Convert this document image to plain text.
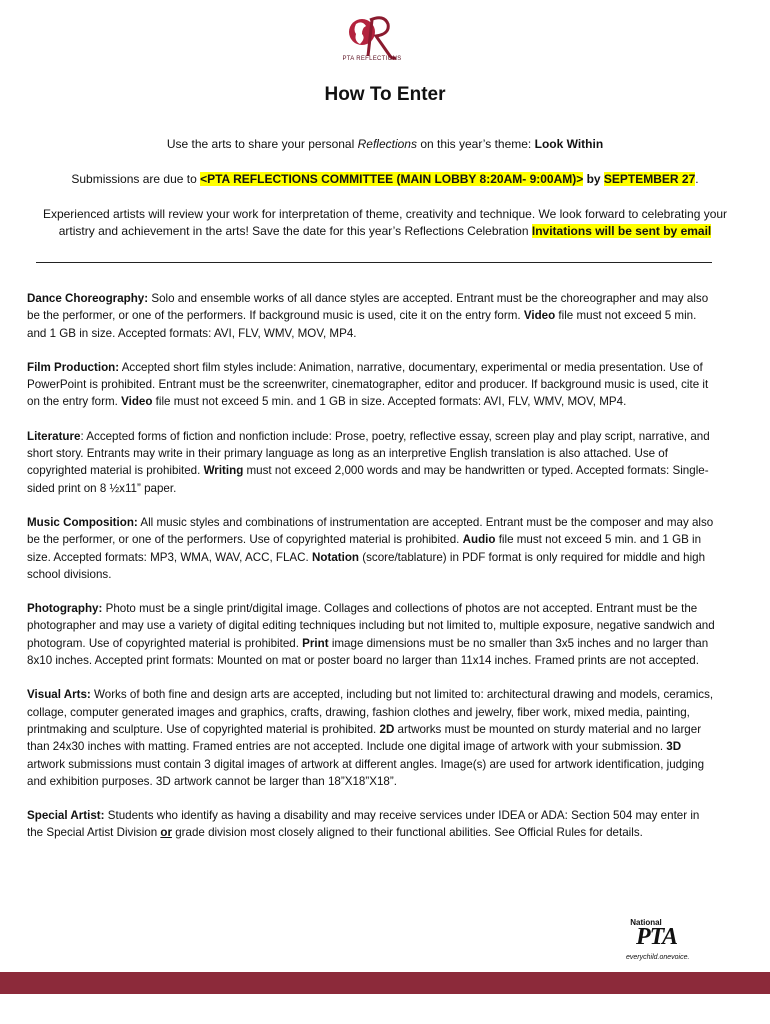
PTA REFLECTIONS
How To Enter

Use the arts to share your personal Reflections on this year’s theme: Look Within

Submissions are due to <PTA REFLECTIONS COMMITTEE (MAIN LOBBY 8:20AM- 9:00AM)> by SEPTEMBER 27.

Experienced artists will review your work for interpretation of theme, creativity and technique. We look forward to celebrating your artistry and achievement in the arts! Save the date for this year’s Reflections Celebration Invitations will be sent by email

Dance Choreography: Solo and ensemble works of all dance styles are accepted. Entrant must be the choreographer and may also be the performer, or one of the performers. If background music is used, cite it on the entry form. Video file must not exceed 5 min. and 1 GB in size. Accepted formats: AVI, FLV, WMV, MOV, MP4.

Film Production: Accepted short film styles include: Animation, narrative, documentary, experimental or media presentation. Use of PowerPoint is prohibited. Entrant must be the screenwriter, cinematographer, editor and producer. If background music is used, cite it on the entry form. Video file must not exceed 5 min. and 1 GB in size. Accepted formats: AVI, FLV, WMV, MOV, MP4.

Literature: Accepted forms of fiction and nonfiction include: Prose, poetry, reflective essay, screen play and play script, narrative, and short story. Entrants may write in their primary language as long as an interpretive English translation is also attached. Use of copyrighted material is prohibited. Writing must not exceed 2,000 words and may be handwritten or typed. Accepted formats: Single-sided print on 8 ½x11” paper.

Music Composition: All music styles and combinations of instrumentation are accepted. Entrant must be the composer and may also be the performer, or one of the performers. Use of copyrighted material is prohibited. Audio file must not exceed 5 min. and 1 GB in size. Accepted formats: MP3, WMA, WAV, ACC, FLAC. Notation (score/tablature) in PDF format is only required for middle and high school divisions.

Photography: Photo must be a single print/digital image. Collages and collections of photos are not accepted. Entrant must be the photographer and may use a variety of digital editing techniques including but not limited to, multiple exposure, negative sandwich and photogram. Use of copyrighted material is prohibited. Print image dimensions must be no smaller than 3x5 inches and no larger than 8x10 inches. Accepted print formats: Mounted on mat or poster board no larger than 11x14 inches. Framed prints are not accepted.

Visual Arts: Works of both fine and design arts are accepted, including but not limited to: architectural drawing and models, ceramics, collage, computer generated images and graphics, crafts, drawing, fashion clothes and jewelry, fiber work, mixed media, painting, printmaking and sculpture. Use of copyrighted material is prohibited. 2D artworks must be mounted on sturdy material and no larger than 24x30 inches with matting. Framed entries are not accepted. Include one digital image of artwork with your submission. 3D artwork submissions must contain 3 digital images of artwork at different angles. Image(s) are used for artwork identification, judging and exhibition purposes. 3D artwork cannot be larger than 18”X18”X18”.

Special Artist: Students who identify as having a disability and may receive services under IDEA or ADA: Section 504 may enter in the Special Artist Division or grade division most closely aligned to their functional abilities. See Official Rules for details.

National
PTA
everychild.onevoice.
